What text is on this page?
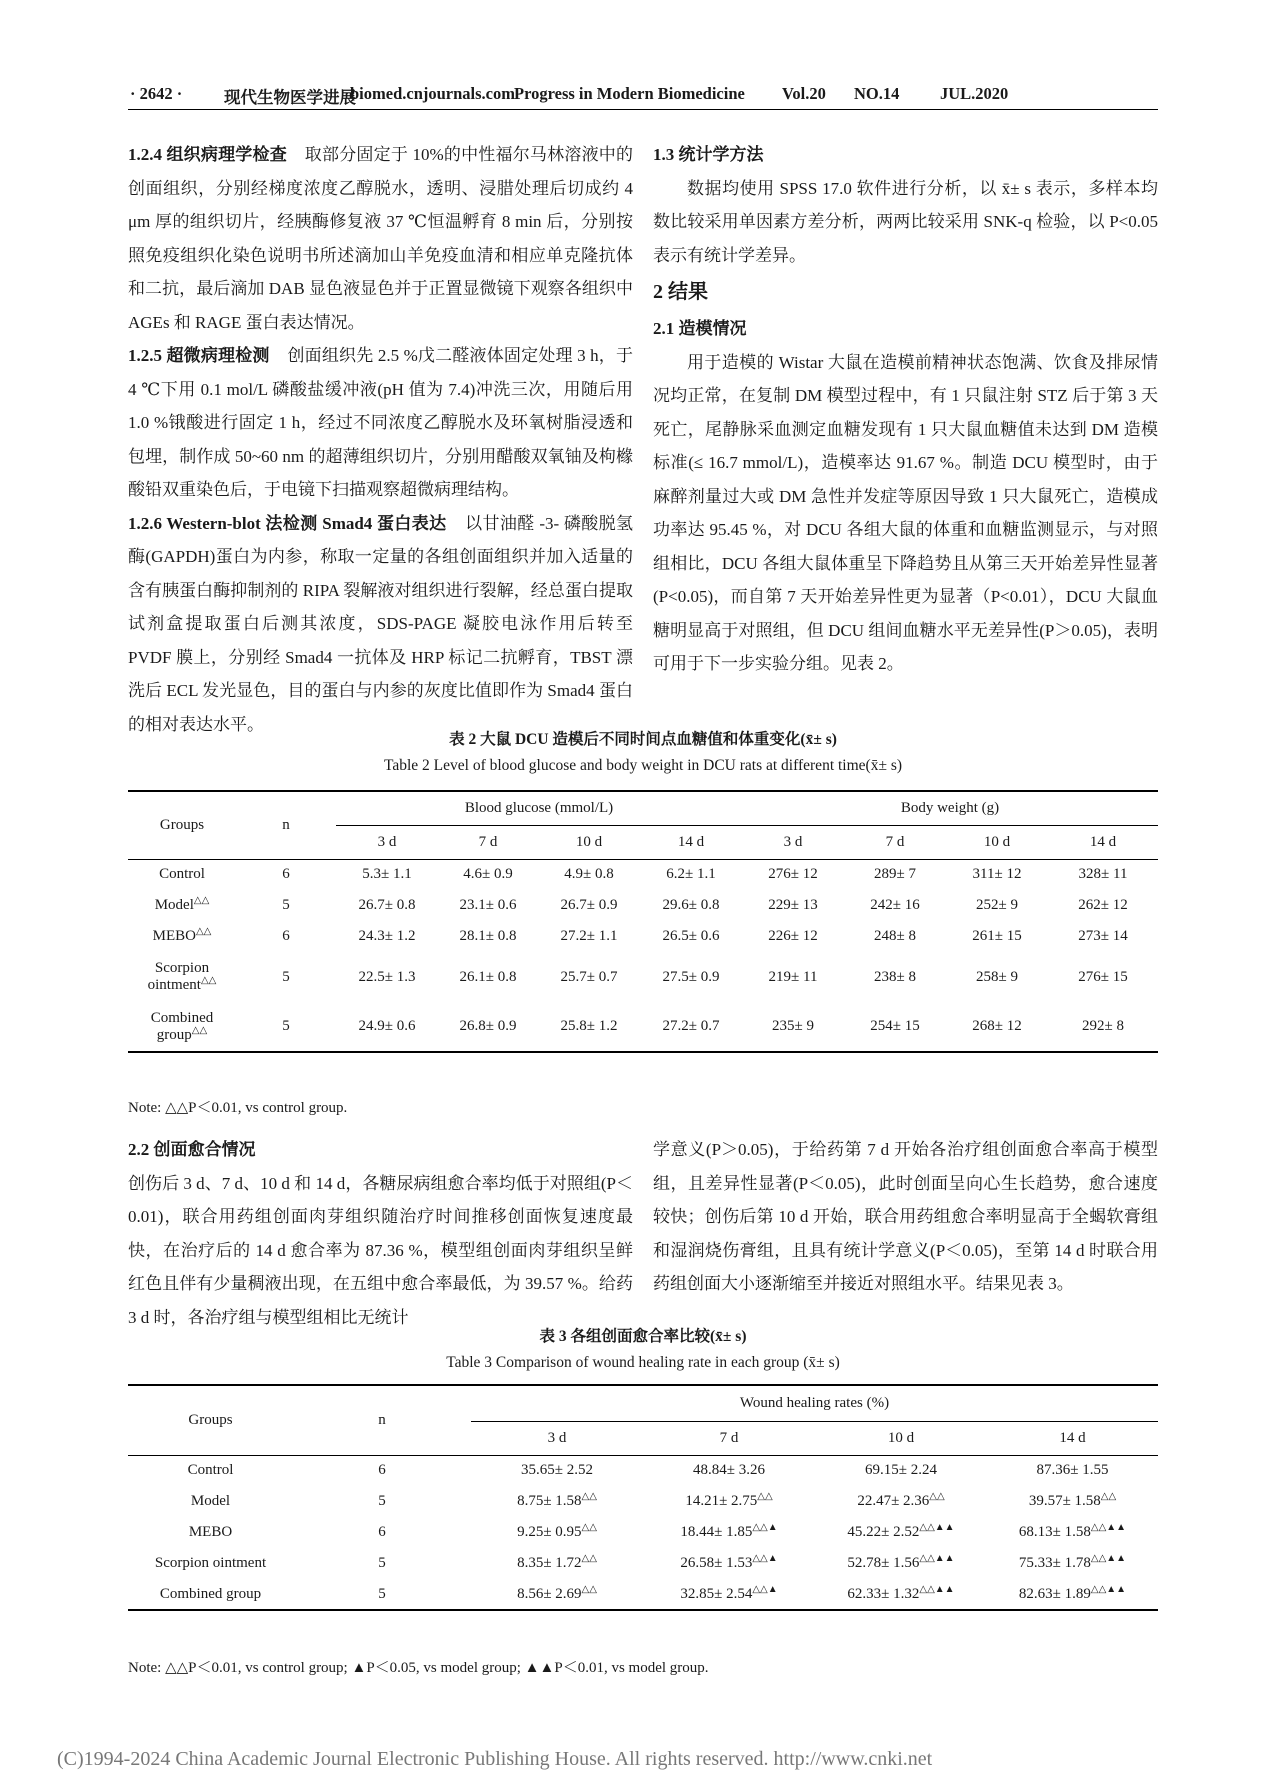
· 2642 ·	现代生物医学进展
biomed.cnjournals.com Progress in Modern Biomedicine Vol.20 NO.14 JUL.2020

1.2.4 组织病理学检查 取部分固定于 10%的中性福尔马林溶液中的创面组织，分别经梯度浓度乙醇脱水，透明、浸腊处理后切成约 4 μm 厚的组织切片，经胰酶修复液 37 ℃恒温孵育 8 min 后，分别按照免疫组织化染色说明书所述滴加山羊免疫血清和相应单克隆抗体和二抗，最后滴加 DAB 显色液显色并于正置显微镜下观察各组织中 AGEs 和 RAGE 蛋白表达情况。

1.2.5 超微病理检测 创面组织先 2.5 %戊二醛液体固定处理 3 h，于 4 ℃下用 0.1 mol/L 磷酸盐缓冲液(pH 值为 7.4)冲洗三次，用随后用 1.0 %锇酸进行固定 1 h，经过不同浓度乙醇脱水及环氧树脂浸透和包埋，制作成 50~60 nm 的超薄组织切片，分别用醋酸双氧铀及枸橼酸铅双重染色后，于电镜下扫描观察超微病理结构。

1.2.6 Western-blot 法检测 Smad4 蛋白表达 以甘油醛 -3- 磷酸脱氢酶(GAPDH)蛋白为内参，称取一定量的各组创面组织并加入适量的含有胰蛋白酶抑制剂的 RIPA 裂解液对组织进行裂解，经总蛋白提取试剂盒提取蛋白后测其浓度，SDS-PAGE 凝胶电泳作用后转至 PVDF 膜上，分别经 Smad4 一抗体及 HRP 标记二抗孵育，TBST 漂洗后 ECL 发光显色，目的蛋白与内参的灰度比值即作为 Smad4 蛋白的相对表达水平。

1.3 统计学方法

数据均使用 SPSS 17.0 软件进行分析，以 x̄± s 表示，多样本均数比较采用单因素方差分析，两两比较采用 SNK-q 检验，以 P<0.05 表示有统计学差异。

2 结果

2.1 造模情况

用于造模的 Wistar 大鼠在造模前精神状态饱满、饮食及排尿情况均正常，在复制 DM 模型过程中，有 1 只鼠注射 STZ 后于第 3 天死亡，尾静脉采血测定血糖发现有 1 只大鼠血糖值未达到 DM 造模标准(≤ 16.7 mmol/L)，造模率达 91.67 %。制造 DCU 模型时，由于麻醉剂量过大或 DM 急性并发症等原因导致 1 只大鼠死亡，造模成功率达 95.45 %，对 DCU 各组大鼠的体重和血糖监测显示，与对照组相比，DCU 各组大鼠体重呈下降趋势且从第三天开始差异性显著(P<0.05)，而自第 7 天开始差异性更为显著（P<0.01），DCU 大鼠血糖明显高于对照组，但 DCU 组间血糖水平无差异性(P＞0.05)，表明可用于下一步实验分组。见表 2。

表 2 大鼠 DCU 造模后不同时间点血糖值和体重变化(x̄± s)
Table 2 Level of blood glucose and body weight in DCU rats at different time(x̄± s)
Groups	n	Blood glucose (mmol/L)				Body weight (g)			
		3 d	7 d	10 d	14 d	3 d	7 d	10 d	14 d
Control	6	5.3± 1.1	4.6± 0.9	4.9± 0.8	6.2± 1.1	276± 12	289± 7	311± 12	328± 11
Model△△	5	26.7± 0.8	23.1± 0.6	26.7± 0.9	29.6± 0.8	229± 13	242± 16	252± 9	262± 12
MEBO△△	6	24.3± 1.2	28.1± 0.8	27.2± 1.1	26.5± 0.6	226± 12	248± 8	261± 15	273± 14
Scorpion ointment△△	5	22.5± 1.3	26.1± 0.8	25.7± 0.7	27.5± 0.9	219± 11	238± 8	258± 9	276± 15
Combined group△△	5	24.9± 0.6	26.8± 0.9	25.8± 1.2	27.2± 0.7	235± 9	254± 15	268± 12	292± 8
Note: △△P＜0.01, vs control group.

2.2 创面愈合情况

创伤后 3 d、7 d、10 d 和 14 d，各糖尿病组愈合率均低于对照组(P＜0.01)，联合用药组创面肉芽组织随治疗时间推移创面恢复速度最快，在治疗后的 14 d 愈合率为 87.36 %，模型组创面肉芽组织呈鲜红色且伴有少量稠液出现，在五组中愈合率最低，为 39.57 %。给药 3 d 时，各治疗组与模型组相比无统计

学意义(P＞0.05)，于给药第 7 d 开始各治疗组创面愈合率高于模型组，且差异性显著(P＜0.05)，此时创面呈向心生长趋势，愈合速度较快；创伤后第 10 d 开始，联合用药组愈合率明显高于全蝎软膏组和湿润烧伤膏组，且具有统计学意义(P＜0.05)，至第 14 d 时联合用药组创面大小逐渐缩至并接近对照组水平。结果见表 3。

表 3 各组创面愈合率比较(x̄± s)
Table 3 Comparison of wound healing rate in each group (x̄± s)
Groups	n	Wound healing rates (%)			
		3 d	7 d	10 d	14 d
Control	6	35.65± 2.52	48.84± 3.26	69.15± 2.24	87.36± 1.55
Model	5	8.75± 1.58△△	14.21± 2.75△△	22.47± 2.36△△	39.57± 1.58△△
MEBO	6	9.25± 0.95△△	18.44± 1.85△△▲	45.22± 2.52△△▲▲	68.13± 1.58△△▲▲
Scorpion ointment	5	8.35± 1.72△△	26.58± 1.53△△▲	52.78± 1.56△△▲▲	75.33± 1.78△△▲▲
Combined group	5	8.56± 2.69△△	32.85± 2.54△△▲	62.33± 1.32△△▲▲	82.63± 1.89△△▲▲
Note: △△P＜0.01, vs control group; ▲P＜0.05, vs model group; ▲▲P＜0.01, vs model group.
(C)1994-2024 China Academic Journal Electronic Publishing House. All rights reserved. http://www.cnki.net
